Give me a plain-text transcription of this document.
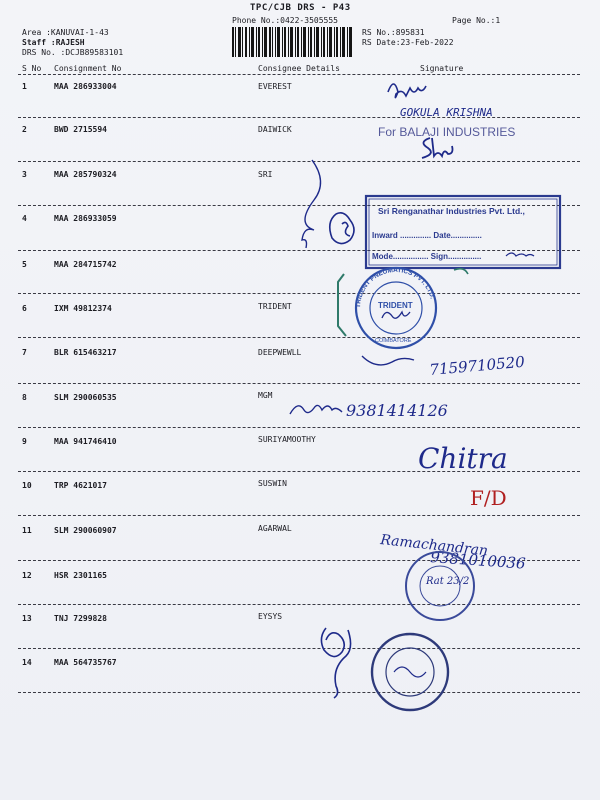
TPC/CJB DRS - P43
Phone No.:0422-3505555	Page No.:1
Area :KANUVAI-1-43
Staff :RAJESH
DRS No. :DCJB89583101
RS No.:895831
RS Date:23-Feb-2022
S No Consignment No	Consignee Details	Signature
1	MAA 286933004	EVEREST
2	BWD 2715594	DAIWICK
3	MAA 285790324	SRI
4	MAA 286933059
5	MAA 284715742
6	IXM 49812374	TRIDENT
7	BLR 615463217	DEEPWEWLL
8	SLM 290060535	MGM
9	MAA 941746410	SURIYAMOOTHY
10	TRP 4621017	SUSWIN
11	SLM 290060907	AGARWAL
12	HSR 2301165
13	TNJ 7299828	EYSYS
14	MAA 564735767
GOKULA KRISHNA
For BALAJI INDUSTRIES
Sri Renganathar Industries Pvt. Ltd.,
Inward .............. Date..............
Mode................ Sign...............
TRIDENT PNEUMATICS PVT. LTD.
TRIDENT
COIMBATORE
7159710520
9381414126
Chitra
F/D
Ramachandran
9381010036
Rat 23/2
